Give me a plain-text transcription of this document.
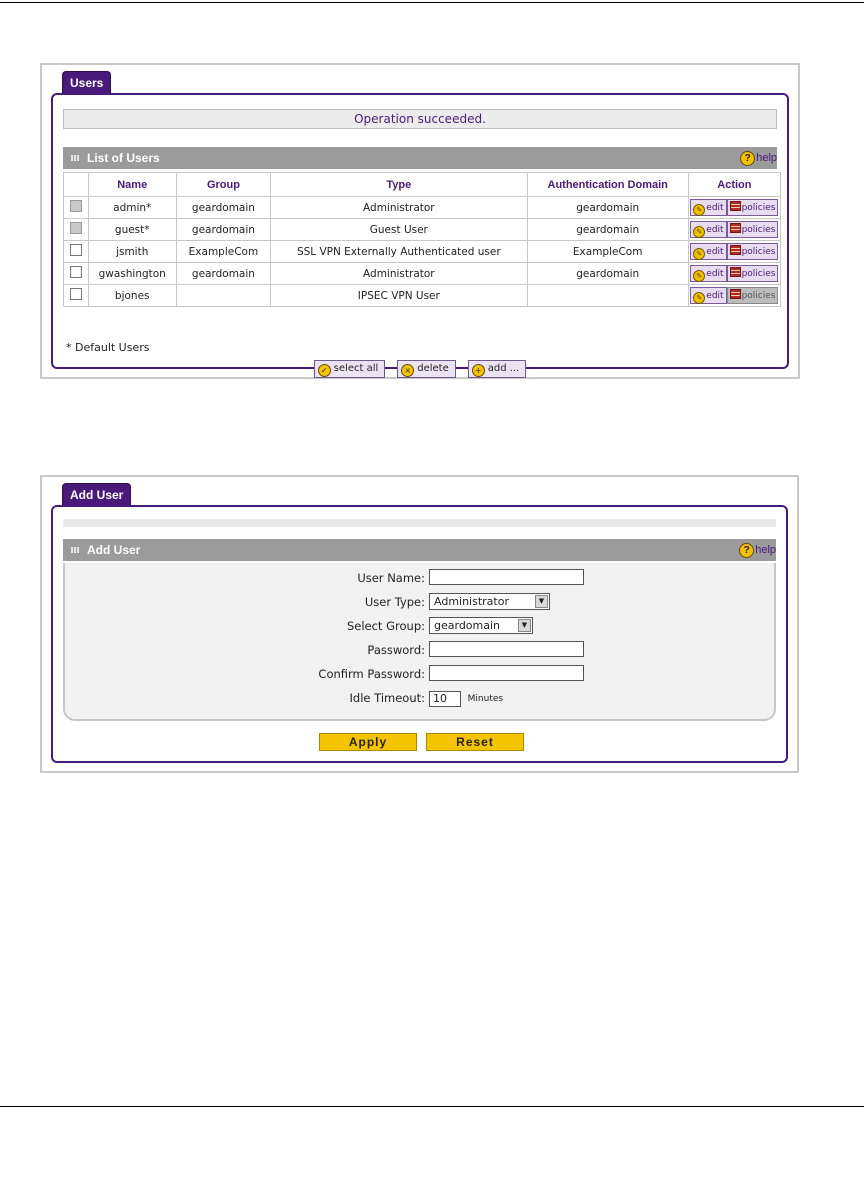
Users
Operation succeeded.
List of Users	? help
	Name	Group	Type	Authentication Domain	Action
	admin*	geardomain	Administrator	geardomain	✎ edit policies
	guest*	geardomain	Guest User	geardomain	✎ edit policies
	jsmith	ExampleCom	SSL VPN Externally Authenticated user	ExampleCom	✎ edit policies
	gwashington	geardomain	Administrator	geardomain	✎ edit policies
	bjones		IPSEC VPN User		✎ edit policies
* Default Users
✓ select all	× delete	+ add ...
Add User
Add User	? help
User Name:
User Type: Administrator	▼
Select Group: geardomain	▼
Password:
Confirm Password:
Idle Timeout: 10 Minutes
Apply	Reset
